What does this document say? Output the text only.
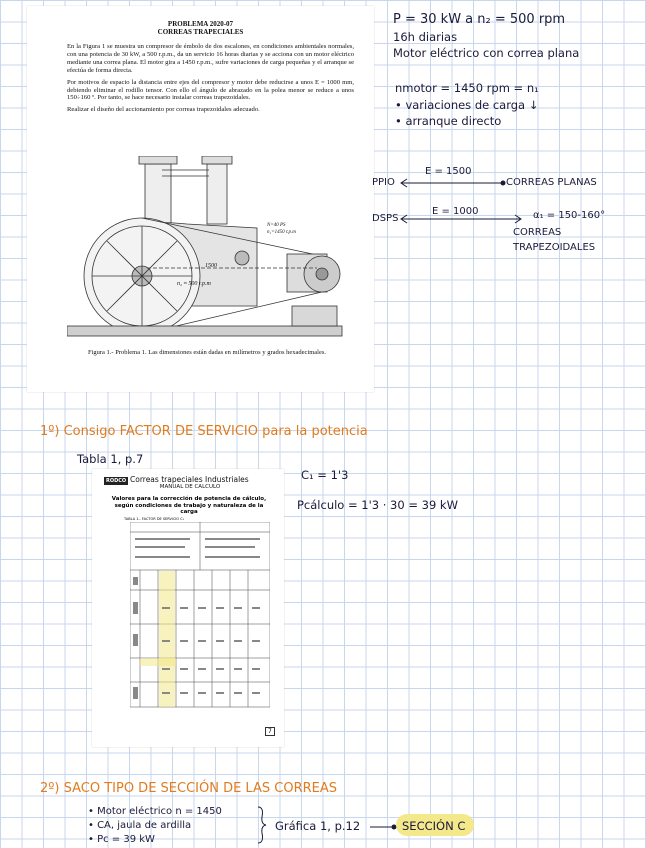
PROBLEMA 2020-07
CORREAS TRAPECIALES

En la Figura 1 se muestra un compresor de émbolo de dos escalones, en condiciones ambientales normales, con una potencia de 30 kW, a 500 r.p.m., da un servicio 16 horas diarias y se acciona con un motor eléctrico mediante una correa plana. El motor gira a 1450 r.p.m., sufre variaciones de carga pequeñas y el arranque se efectúa de forma directa.

Por motivos de espacio la distancia entre ejes del compresor y motor debe reducirse a unos E = 1000 mm, debiendo eliminar el rodillo tensor. Con ello el ángulo de abrazado en la polea menor se reduce a unos 150÷160 º. Por tanto, se hace necesario instalar correas trapezoidales.

Realizar el diseño del accionamiento por correas trapezoidales adecuado.

N=40 PS
n₁=1450 r.p.m
1500
n₂ ≈ 500 r.p.m
Figura 1.- Problema 1. Las dimensiones están dadas en milímetros y grados hexadecimales.
P = 30 kW a n₂ = 500 rpm
16h diarias
Motor eléctrico con correa plana
nmotor = 1450 rpm = n₁
• variaciones de carga ↓
• arranque directo
PPIO
E = 1500
CORREAS PLANAS
DSPS
E = 1000	α₁ = 150-160°
CORREAS
TRAPEZOIDALES
1º) Consigo FACTOR DE SERVICIO para la potencia
Tabla 1, p.7
C₁ = 1'3
Pcálculo = 1'3 · 30 = 39 kW
RODCO Correas trapeciales Industriales
MANUAL DE CALCULO
Valores para la corrección de potencia de cálculo, según condiciones de trabajo y naturaleza de la carga
TABLA 1.- FACTOR DE SERVICIO C₁
7
2º) SACO TIPO DE SECCIÓN DE LAS CORREAS
• Motor eléctrico n = 1450
• CA, jaula de ardilla
• Pc = 39 kW
Gráfica 1, p.12	SECCIÓN C
